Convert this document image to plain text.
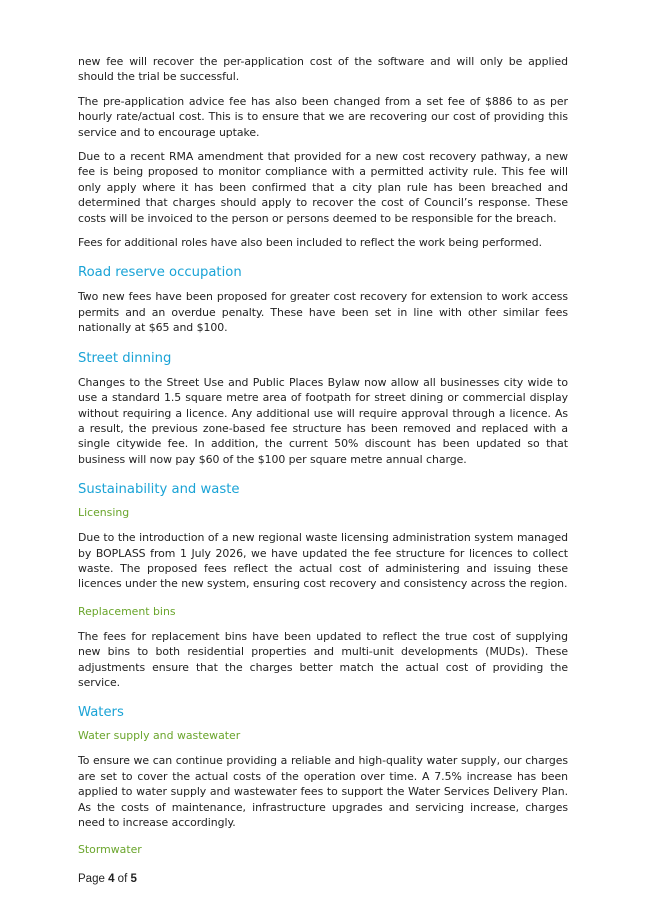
new fee will recover the per-application cost of the software and will only be applied should the trial be successful.

The pre-application advice fee has also been changed from a set fee of $886 to as per hourly rate/actual cost. This is to ensure that we are recovering our cost of providing this service and to encourage uptake.

Due to a recent RMA amendment that provided for a new cost recovery pathway, a new fee is being proposed to monitor compliance with a permitted activity rule. This fee will only apply where it has been confirmed that a city plan rule has been breached and determined that charges should apply to recover the cost of Council’s response. These costs will be invoiced to the person or persons deemed to be responsible for the breach.

Fees for additional roles have also been included to reflect the work being performed.

Road reserve occupation

Two new fees have been proposed for greater cost recovery for extension to work access permits and an overdue penalty. These have been set in line with other similar fees nationally at $65 and $100.

Street dinning

Changes to the Street Use and Public Places Bylaw now allow all businesses city wide to use a standard 1.5 square metre area of footpath for street dining or commercial display without requiring a licence. Any additional use will require approval through a licence. As a result, the previous zone-based fee structure has been removed and replaced with a single citywide fee. In addition, the current 50% discount has been updated so that business will now pay $60 of the $100 per square metre annual charge.

Sustainability and waste
Licensing

Due to the introduction of a new regional waste licensing administration system managed by BOPLASS from 1 July 2026, we have updated the fee structure for licences to collect waste. The proposed fees reflect the actual cost of administering and issuing these licences under the new system, ensuring cost recovery and consistency across the region.

Replacement bins

The fees for replacement bins have been updated to reflect the true cost of supplying new bins to both residential properties and multi-unit developments (MUDs). These adjustments ensure that the charges better match the actual cost of providing the service.

Waters
Water supply and wastewater

To ensure we can continue providing a reliable and high-quality water supply, our charges are set to cover the actual costs of the operation over time. A 7.5% increase has been applied to water supply and wastewater fees to support the Water Services Delivery Plan. As the costs of maintenance, infrastructure upgrades and servicing increase, charges need to increase accordingly.

Stormwater
Page 4 of 5
